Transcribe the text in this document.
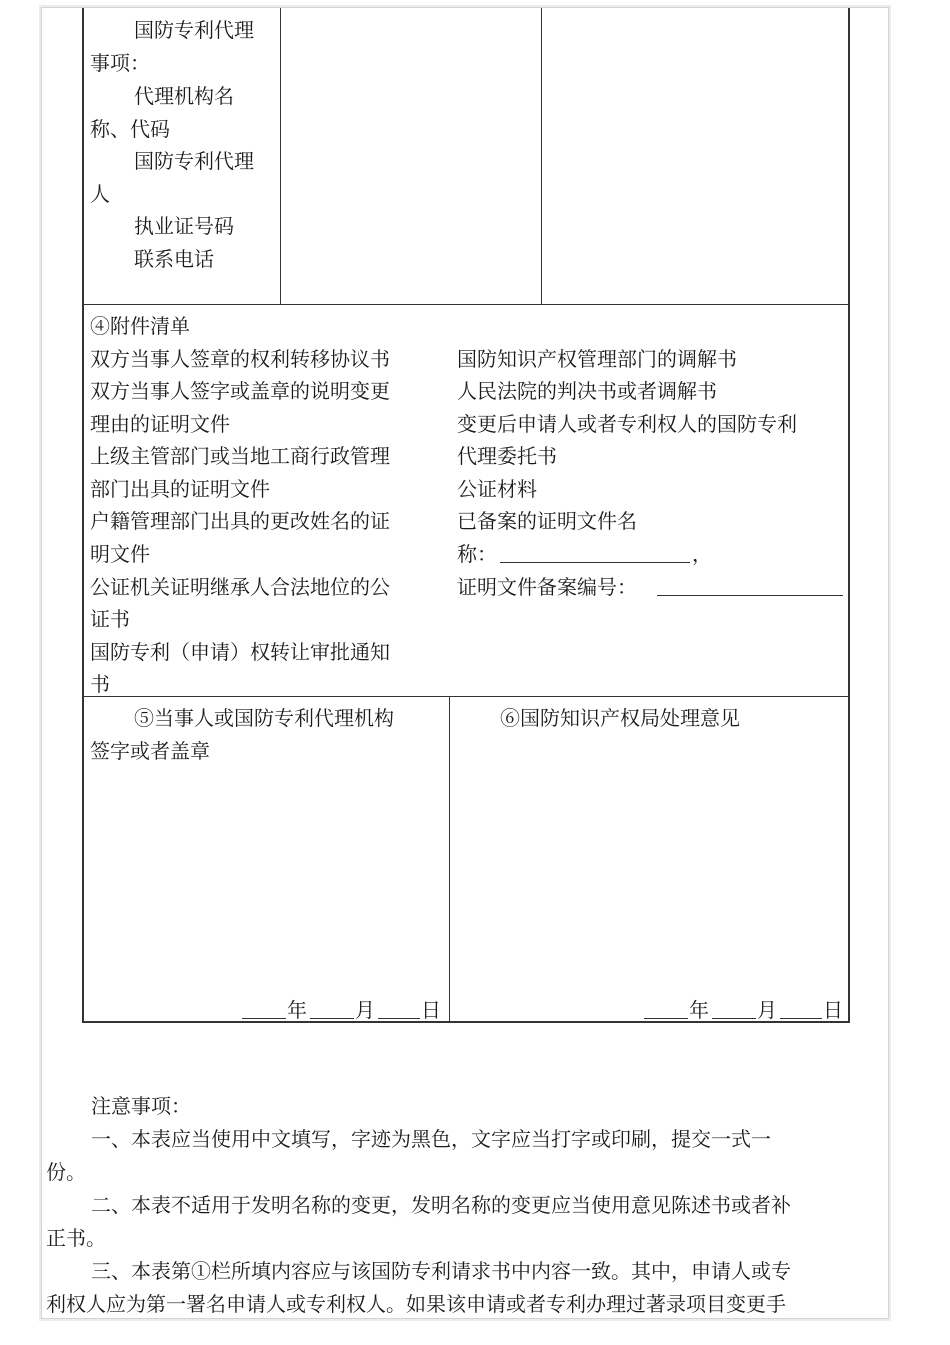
国防专利代理
事项：
代理机构名
称、代码
国防专利代理
人
执业证号码
联系电话
④附件清单
双方当事人签章的权利转移协议书
双方当事人签字或盖章的说明变更
理由的证明文件
上级主管部门或当地工商行政管理
部门出具的证明文件
户籍管理部门出具的更改姓名的证
明文件
公证机关证明继承人合法地位的公
证书
国防专利（申请）权转让审批通知
书
国防知识产权管理部门的调解书
人民法院的判决书或者调解书
变更后申请人或者专利权人的国防专利
代理委托书
公证材料
已备案的证明文件名
称：	，
证明文件备案编号：
⑤当事人或国防专利代理机构
签字或者盖章
⑥国防知识产权局处理意见
年 月 日	年 月 日
注意事项：
一、本表应当使用中文填写，字迹为黑色，文字应当打字或印刷，提交一式一
份。
二、本表不适用于发明名称的变更，发明名称的变更应当使用意见陈述书或者补
正书。
三、本表第①栏所填内容应与该国防专利请求书中内容一致。其中，申请人或专
利权人应为第一署名申请人或专利权人。如果该申请或者专利办理过著录项目变更手
